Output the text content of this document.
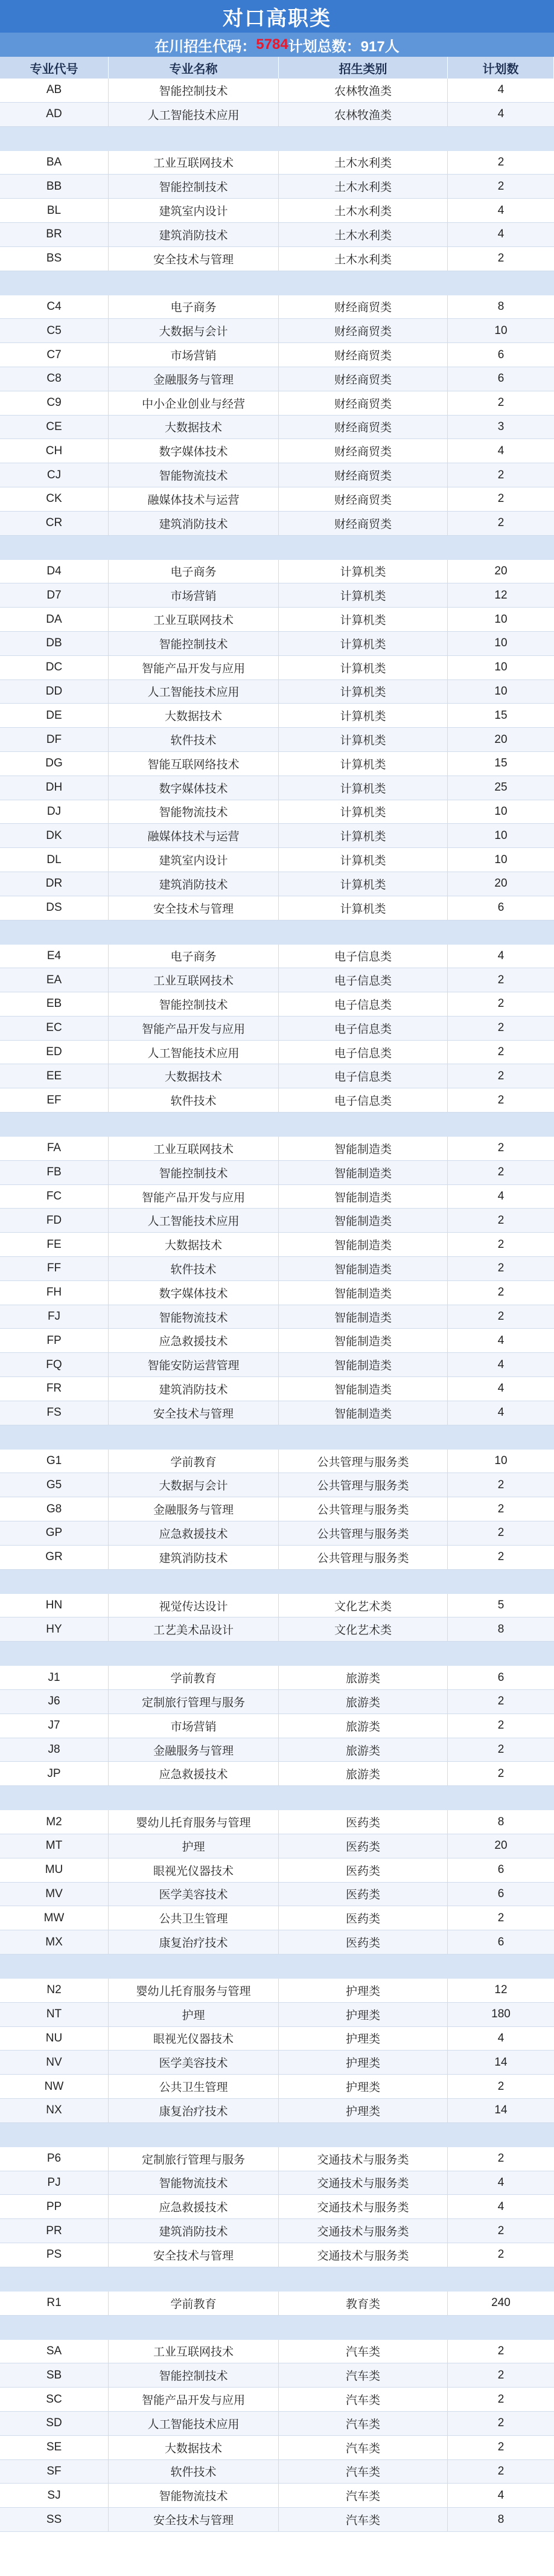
对口高职类
在川招生代码： 5784 计划总数：917人
专业代号	专业名称	招生类别	计划数
AB	智能控制技术	农林牧渔类	4
AD	人工智能技术应用	农林牧渔类	4
BA	工业互联网技术	土木水利类	2
BB	智能控制技术	土木水利类	2
BL	建筑室内设计	土木水利类	4
BR	建筑消防技术	土木水利类	4
BS	安全技术与管理	土木水利类	2
C4	电子商务	财经商贸类	8
C5	大数据与会计	财经商贸类	10
C7	市场营销	财经商贸类	6
C8	金融服务与管理	财经商贸类	6
C9	中小企业创业与经营	财经商贸类	2
CE	大数据技术	财经商贸类	3
CH	数字媒体技术	财经商贸类	4
CJ	智能物流技术	财经商贸类	2
CK	融媒体技术与运营	财经商贸类	2
CR	建筑消防技术	财经商贸类	2
D4	电子商务	计算机类	20
D7	市场营销	计算机类	12
DA	工业互联网技术	计算机类	10
DB	智能控制技术	计算机类	10
DC	智能产品开发与应用	计算机类	10
DD	人工智能技术应用	计算机类	10
DE	大数据技术	计算机类	15
DF	软件技术	计算机类	20
DG	智能互联网络技术	计算机类	15
DH	数字媒体技术	计算机类	25
DJ	智能物流技术	计算机类	10
DK	融媒体技术与运营	计算机类	10
DL	建筑室内设计	计算机类	10
DR	建筑消防技术	计算机类	20
DS	安全技术与管理	计算机类	6
E4	电子商务	电子信息类	4
EA	工业互联网技术	电子信息类	2
EB	智能控制技术	电子信息类	2
EC	智能产品开发与应用	电子信息类	2
ED	人工智能技术应用	电子信息类	2
EE	大数据技术	电子信息类	2
EF	软件技术	电子信息类	2
FA	工业互联网技术	智能制造类	2
FB	智能控制技术	智能制造类	2
FC	智能产品开发与应用	智能制造类	4
FD	人工智能技术应用	智能制造类	2
FE	大数据技术	智能制造类	2
FF	软件技术	智能制造类	2
FH	数字媒体技术	智能制造类	2
FJ	智能物流技术	智能制造类	2
FP	应急救援技术	智能制造类	4
FQ	智能安防运营管理	智能制造类	4
FR	建筑消防技术	智能制造类	4
FS	安全技术与管理	智能制造类	4
G1	学前教育	公共管理与服务类	10
G5	大数据与会计	公共管理与服务类	2
G8	金融服务与管理	公共管理与服务类	2
GP	应急救援技术	公共管理与服务类	2
GR	建筑消防技术	公共管理与服务类	2
HN	视觉传达设计	文化艺术类	5
HY	工艺美术品设计	文化艺术类	8
J1	学前教育	旅游类	6
J6	定制旅行管理与服务	旅游类	2
J7	市场营销	旅游类	2
J8	金融服务与管理	旅游类	2
JP	应急救援技术	旅游类	2
M2	婴幼儿托育服务与管理	医药类	8
MT	护理	医药类	20
MU	眼视光仪器技术	医药类	6
MV	医学美容技术	医药类	6
MW	公共卫生管理	医药类	2
MX	康复治疗技术	医药类	6
N2	婴幼儿托育服务与管理	护理类	12
NT	护理	护理类	180
NU	眼视光仪器技术	护理类	4
NV	医学美容技术	护理类	14
NW	公共卫生管理	护理类	2
NX	康复治疗技术	护理类	14
P6	定制旅行管理与服务	交通技术与服务类	2
PJ	智能物流技术	交通技术与服务类	4
PP	应急救援技术	交通技术与服务类	4
PR	建筑消防技术	交通技术与服务类	2
PS	安全技术与管理	交通技术与服务类	2
R1	学前教育	教育类	240
SA	工业互联网技术	汽车类	2
SB	智能控制技术	汽车类	2
SC	智能产品开发与应用	汽车类	2
SD	人工智能技术应用	汽车类	2
SE	大数据技术	汽车类	2
SF	软件技术	汽车类	2
SJ	智能物流技术	汽车类	4
SS	安全技术与管理	汽车类	8
